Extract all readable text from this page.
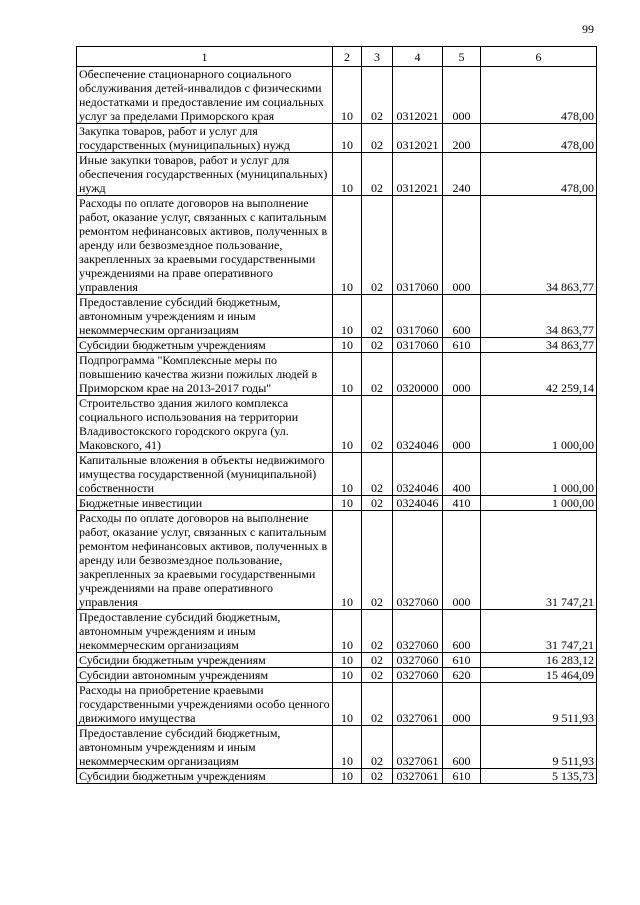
99
1	2	3	4	5	6
Обеспечение стационарного социального обслуживания детей-инвалидов с физическими недостатками и предоставление им социальных услуг за пределами Приморского края	10	02	0312021	000	478,00
Закупка товаров, работ и услуг для государственных (муниципальных) нужд	10	02	0312021	200	478,00
Иные закупки товаров, работ и услуг для обеспечения государственных (муниципальных) нужд	10	02	0312021	240	478,00
Расходы по оплате договоров на выполнение работ, оказание услуг, связанных с капитальным ремонтом нефинансовых активов, полученных в аренду или безвозмездное пользование, закрепленных за краевыми государственными учреждениями на праве оперативного управления	10	02	0317060	000	34 863,77
Предоставление субсидий бюджетным, автономным учреждениям и иным некоммерческим организациям	10	02	0317060	600	34 863,77
Субсидии бюджетным учреждениям	10	02	0317060	610	34 863,77
Подпрограмма "Комплексные меры по повышению качества жизни пожилых людей в Приморском крае на 2013-2017 годы"	10	02	0320000	000	42 259,14
Строительство здания жилого комплекса социального использования на территории Владивостокского городского округа (ул. Маковского, 41)	10	02	0324046	000	1 000,00
Капитальные вложения в объекты недвижимого имущества государственной (муниципальной) собственности	10	02	0324046	400	1 000,00
Бюджетные инвестиции	10	02	0324046	410	1 000,00
Расходы по оплате договоров на выполнение работ, оказание услуг, связанных с капитальным ремонтом нефинансовых активов, полученных в аренду или безвозмездное пользование, закрепленных за краевыми государственными учреждениями на праве оперативного управления	10	02	0327060	000	31 747,21
Предоставление субсидий бюджетным, автономным учреждениям и иным некоммерческим организациям	10	02	0327060	600	31 747,21
Субсидии бюджетным учреждениям	10	02	0327060	610	16 283,12
Субсидии автономным учреждениям	10	02	0327060	620	15 464,09
Расходы на приобретение краевыми государственными учреждениями особо ценного движимого имущества	10	02	0327061	000	9 511,93
Предоставление субсидий бюджетным, автономным учреждениям и иным некоммерческим организациям	10	02	0327061	600	9 511,93
Субсидии бюджетным учреждениям	10	02	0327061	610	5 135,73
